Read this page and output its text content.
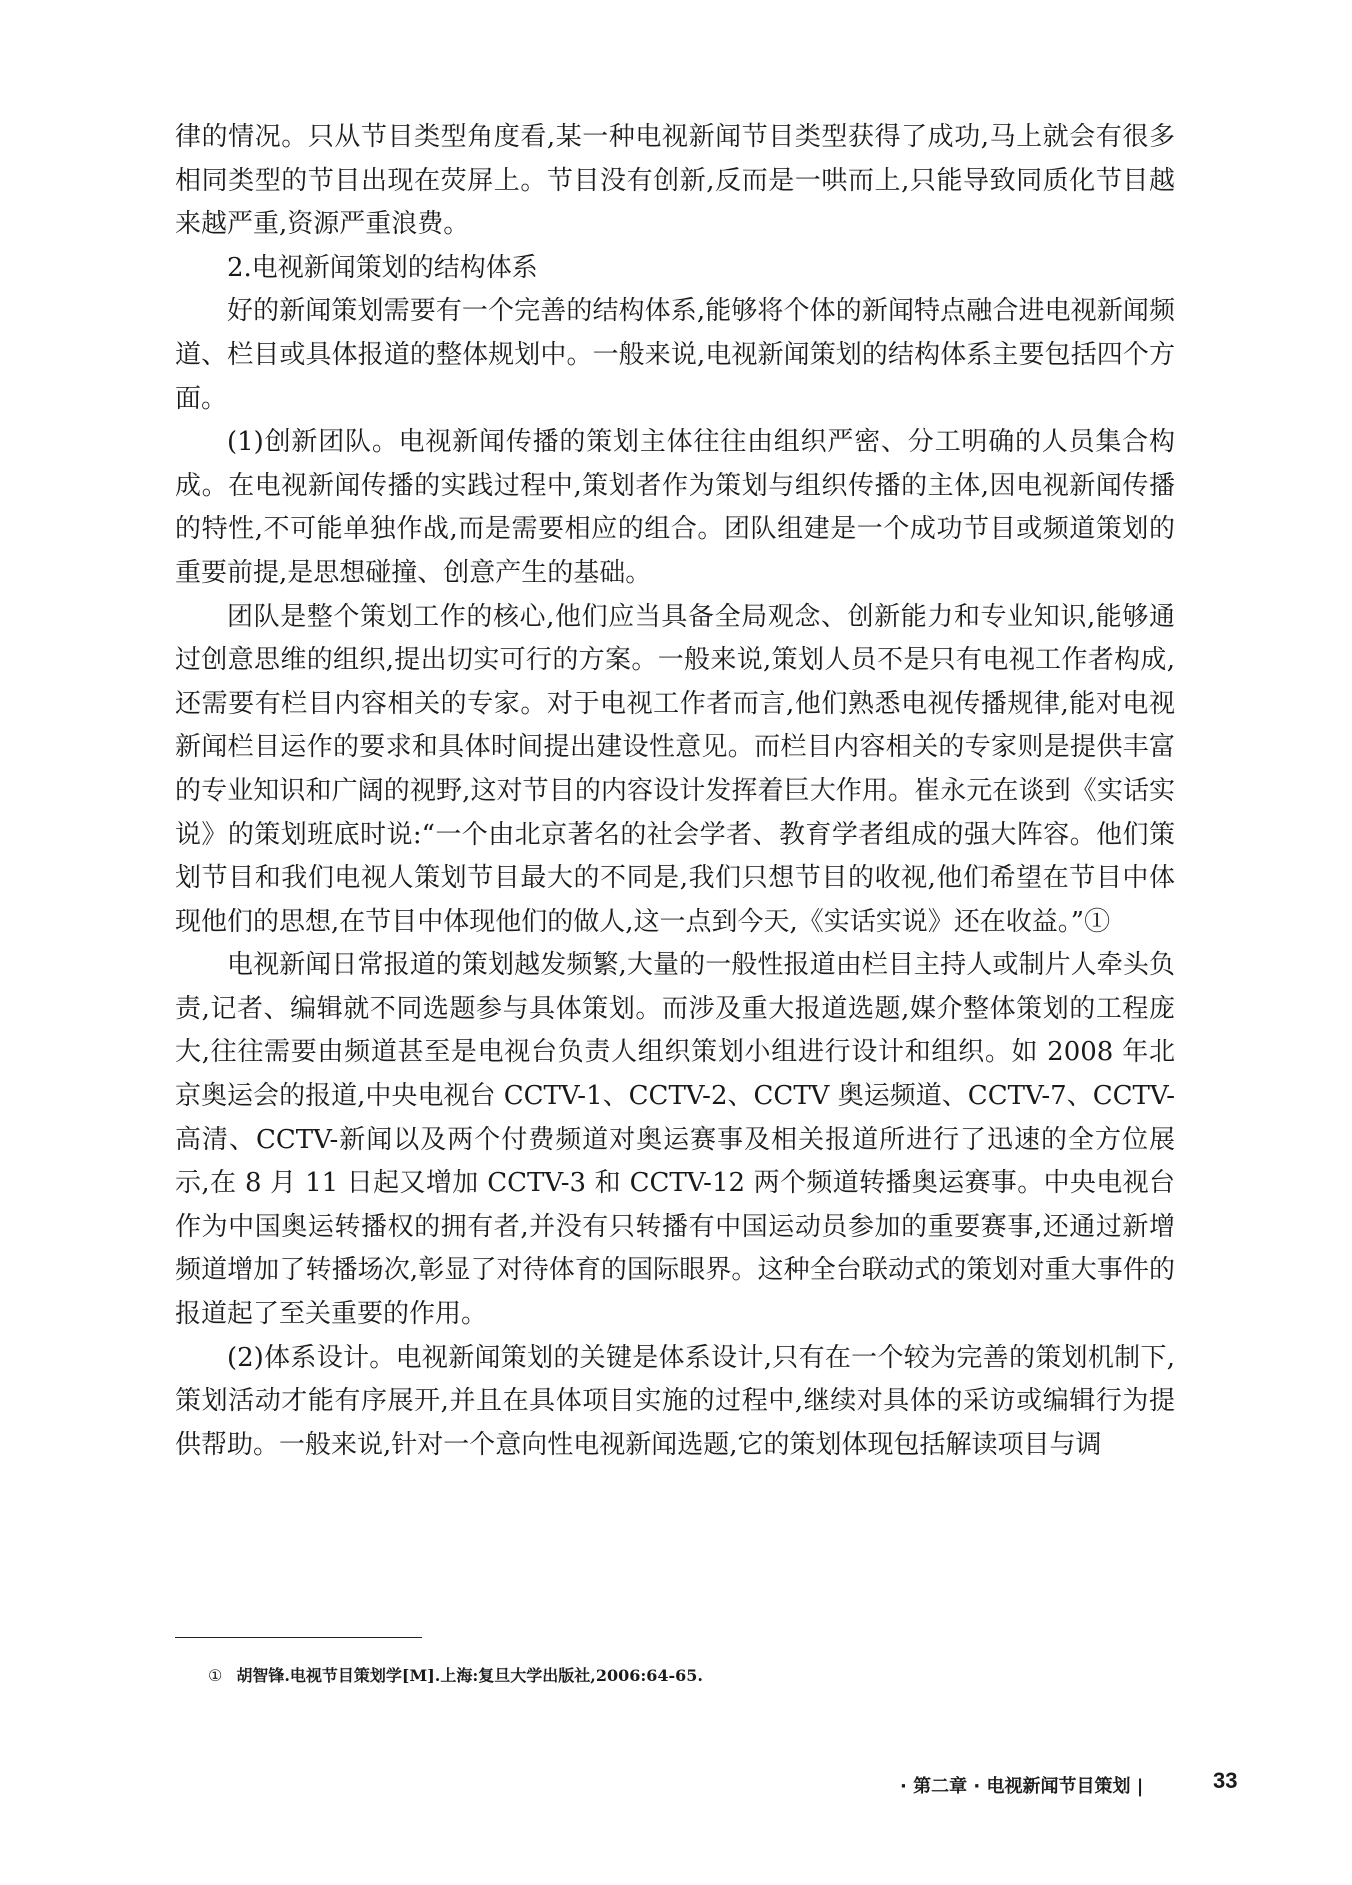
律的情况。只从节目类型角度看,某一种电视新闻节目类型获得了成功,马上就会有很多相同类型的节目出现在荧屏上。节目没有创新,反而是一哄而上,只能导致同质化节目越来越严重,资源严重浪费。

2.电视新闻策划的结构体系

好的新闻策划需要有一个完善的结构体系,能够将个体的新闻特点融合进电视新闻频道、栏目或具体报道的整体规划中。一般来说,电视新闻策划的结构体系主要包括四个方面。

(1)创新团队。电视新闻传播的策划主体往往由组织严密、分工明确的人员集合构成。在电视新闻传播的实践过程中,策划者作为策划与组织传播的主体,因电视新闻传播的特性,不可能单独作战,而是需要相应的组合。团队组建是一个成功节目或频道策划的重要前提,是思想碰撞、创意产生的基础。

团队是整个策划工作的核心,他们应当具备全局观念、创新能力和专业知识,能够通过创意思维的组织,提出切实可行的方案。一般来说,策划人员不是只有电视工作者构成,还需要有栏目内容相关的专家。对于电视工作者而言,他们熟悉电视传播规律,能对电视新闻栏目运作的要求和具体时间提出建设性意见。而栏目内容相关的专家则是提供丰富的专业知识和广阔的视野,这对节目的内容设计发挥着巨大作用。崔永元在谈到《实话实说》的策划班底时说:“一个由北京著名的社会学者、教育学者组成的强大阵容。他们策划节目和我们电视人策划节目最大的不同是,我们只想节目的收视,他们希望在节目中体现他们的思想,在节目中体现他们的做人,这一点到今天,《实话实说》还在收益。”①

电视新闻日常报道的策划越发频繁,大量的一般性报道由栏目主持人或制片人牵头负责,记者、编辑就不同选题参与具体策划。而涉及重大报道选题,媒介整体策划的工程庞大,往往需要由频道甚至是电视台负责人组织策划小组进行设计和组织。如 2008 年北京奥运会的报道,中央电视台 CCTV-1、CCTV-2、CCTV 奥运频道、CCTV-7、CCTV-高清、CCTV-新闻以及两个付费频道对奥运赛事及相关报道所进行了迅速的全方位展示,在 8 月 11 日起又增加 CCTV-3 和 CCTV-12 两个频道转播奥运赛事。中央电视台作为中国奥运转播权的拥有者,并没有只转播有中国运动员参加的重要赛事,还通过新增频道增加了转播场次,彰显了对待体育的国际眼界。这种全台联动式的策划对重大事件的报道起了至关重要的作用。

(2)体系设计。电视新闻策划的关键是体系设计,只有在一个较为完善的策划机制下,策划活动才能有序展开,并且在具体项目实施的过程中,继续对具体的采访或编辑行为提供帮助。一般来说,针对一个意向性电视新闻选题,它的策划体现包括解读项目与调

① 胡智锋.电视节目策划学[M].上海:复旦大学出版社,2006:64-65.
· 第二章 · 电视新闻节目策划 |	33
